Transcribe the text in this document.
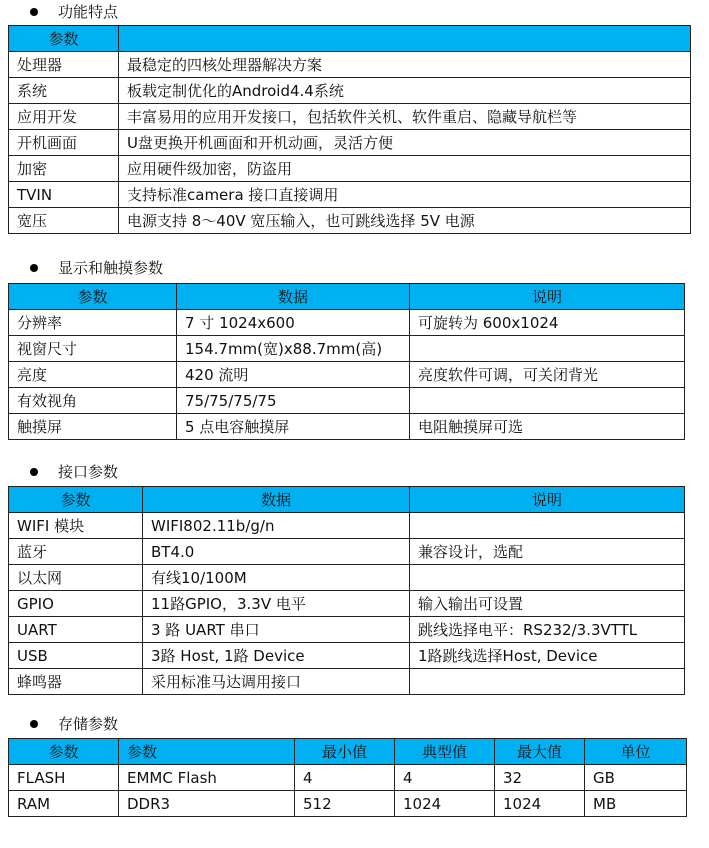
功能特点
参数	
处理器	最稳定的四核处理器解决方案
系统	板载定制优化的Android4.4系统
应用开发	丰富易用的应用开发接口，包括软件关机、软件重启、隐藏导航栏等
开机画面	U盘更换开机画面和开机动画，灵活方便
加密	应用硬件级加密，防盗用
TVIN	支持标准camera 接口直接调用
宽压	电源支持 8～40V 宽压输入，也可跳线选择 5V 电源
显示和触摸参数
参数	数据	说明
分辨率	7 寸 1024x600	可旋转为 600x1024
视窗尺寸	154.7mm(宽)x88.7mm(高)	
亮度	420 流明	亮度软件可调，可关闭背光
有效视角	75/75/75/75	
触摸屏	5 点电容触摸屏	电阻触摸屏可选
接口参数
参数	数据	说明
WIFI 模块	WIFI802.11b/g/n	
蓝牙	BT4.0	兼容设计，选配
以太网	有线10/100M	
GPIO	11路GPIO，3.3V 电平	输入输出可设置
UART	3 路 UART 串口	跳线选择电平：RS232/3.3VTTL
USB	3路 Host, 1路 Device	1路跳线选择Host, Device
蜂鸣器	采用标准马达调用接口	
存储参数
参数	参数	最小值	典型值	最大值	单位
FLASH	EMMC Flash	4	4	32	GB
RAM	DDR3	512	1024	1024	MB
